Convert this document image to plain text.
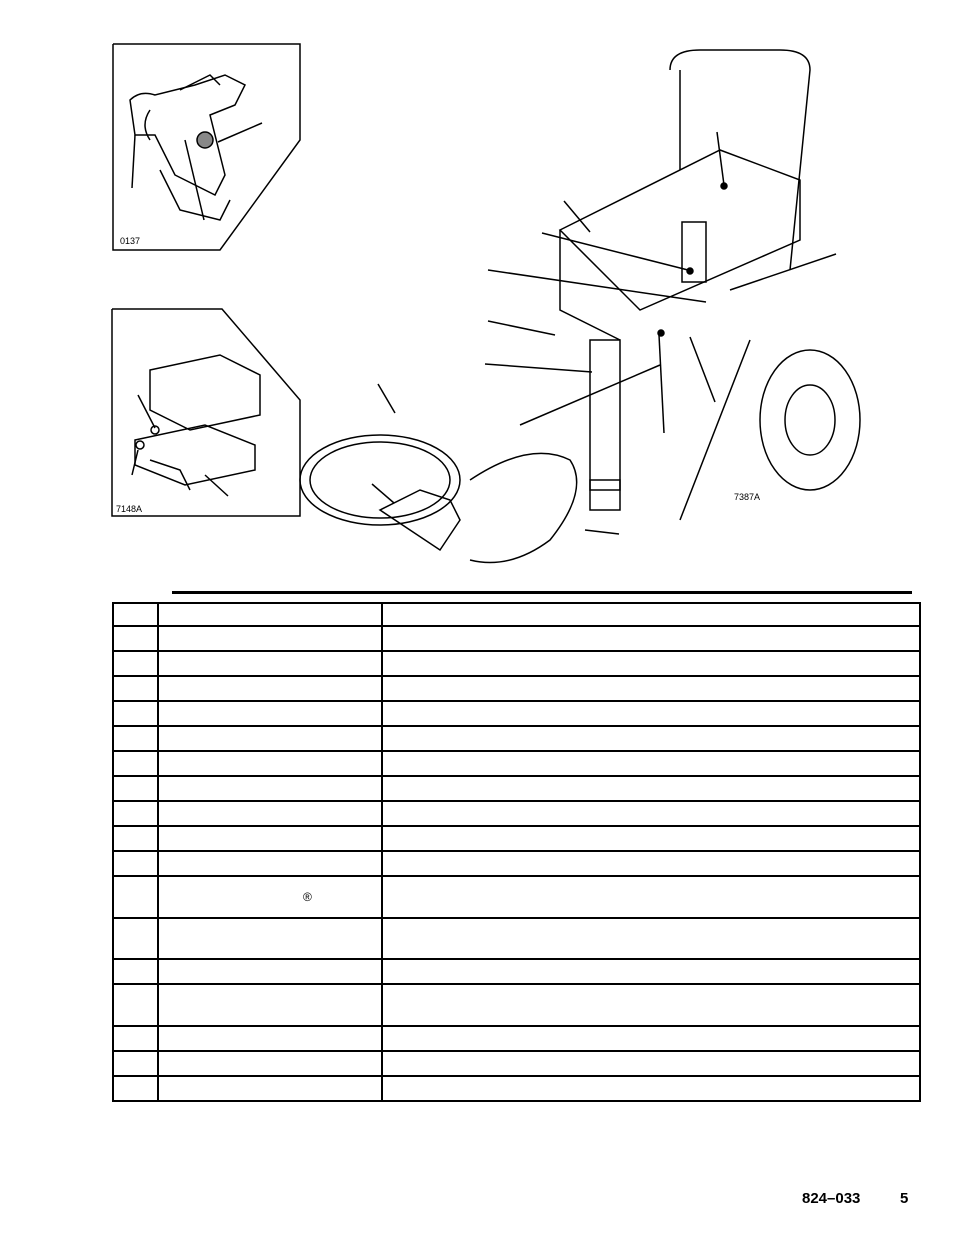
0137
7148A
7387A

	®	

824–033	5
